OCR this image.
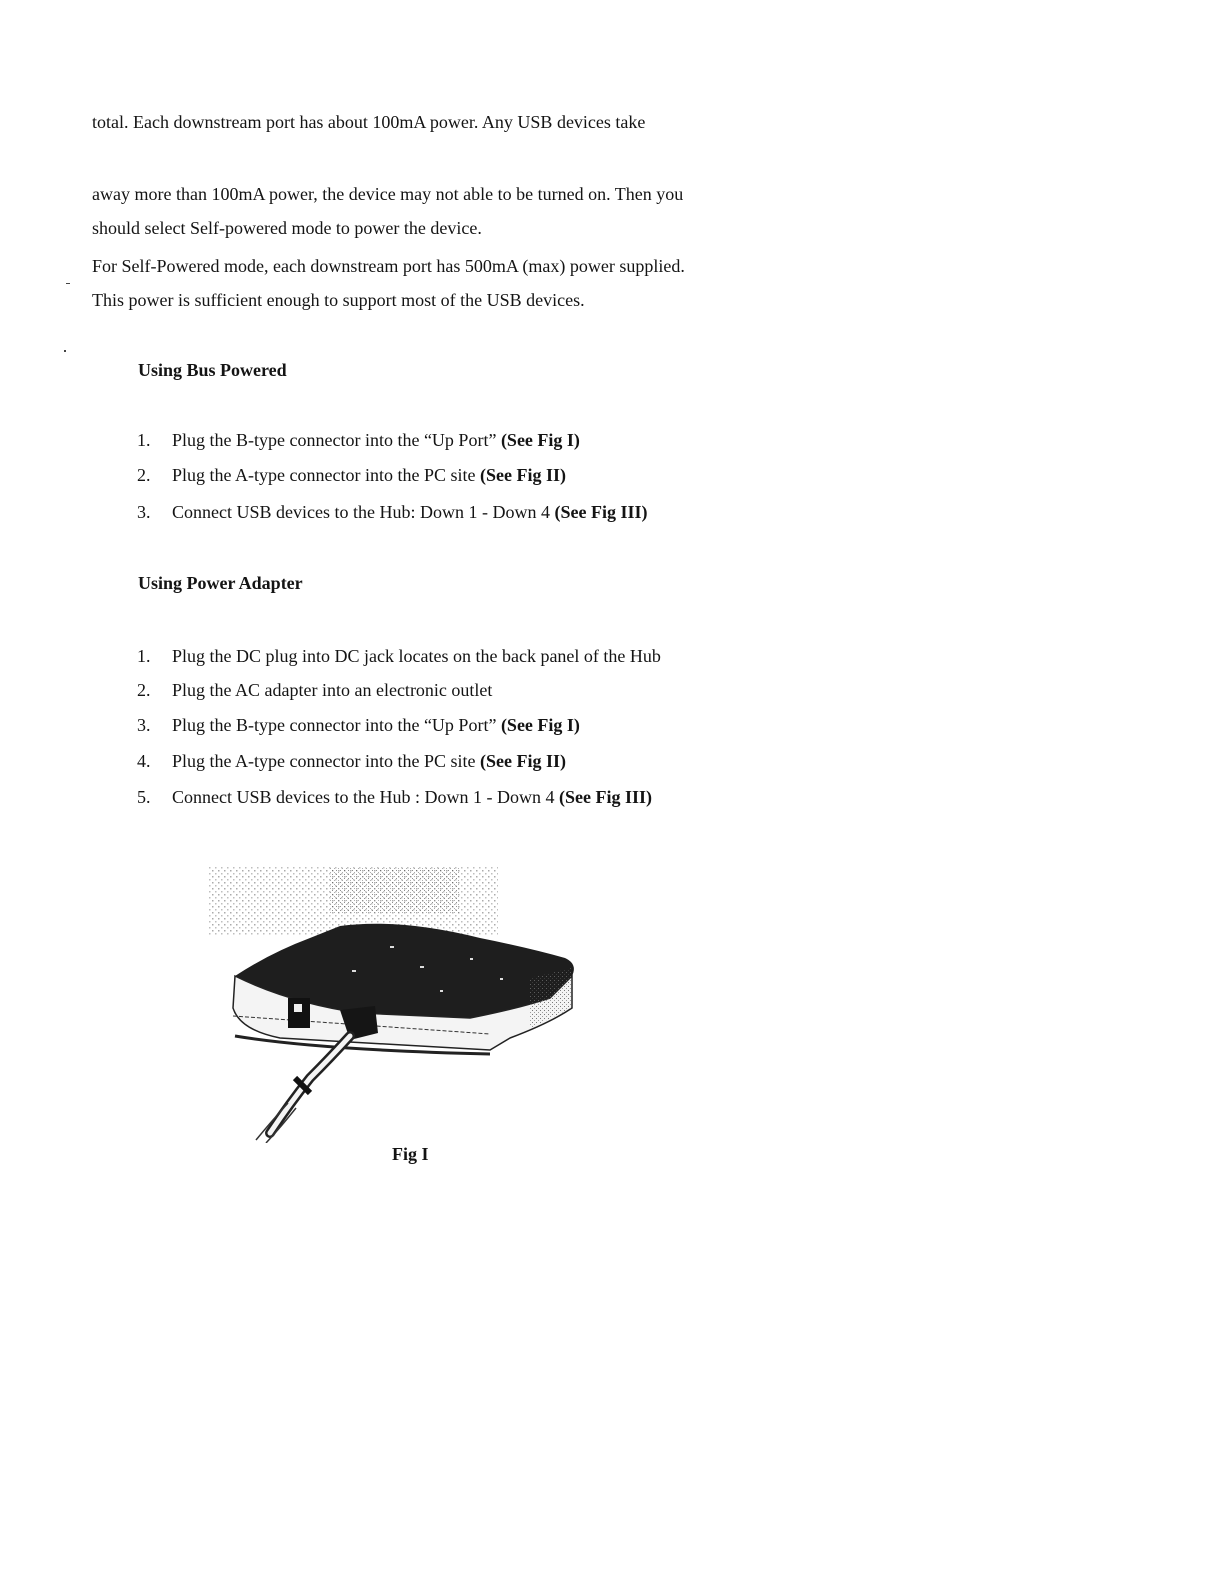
total. Each downstream port has about 100mA power. Any USB devices take
away more than 100mA power, the device may not able to be turned on. Then you
should select Self-powered mode to power the device.
For Self-Powered mode, each downstream port has 500mA (max) power supplied.
This power is sufficient enough to support most of the USB devices.
Using Bus Powered
1. Plug the B-type connector into the “Up Port” (See Fig I)
2. Plug the A-type connector into the PC site (See Fig II)
3. Connect USB devices to the Hub: Down 1 - Down 4 (See Fig III)
Using Power Adapter
1. Plug the DC plug into DC jack locates on the back panel of the Hub
2. Plug the AC adapter into an electronic outlet
3. Plug the B-type connector into the “Up Port” (See Fig I)
4. Plug the A-type connector into the PC site (See Fig II)
5. Connect USB devices to the Hub : Down 1 - Down 4 (See Fig III)
Fig I
